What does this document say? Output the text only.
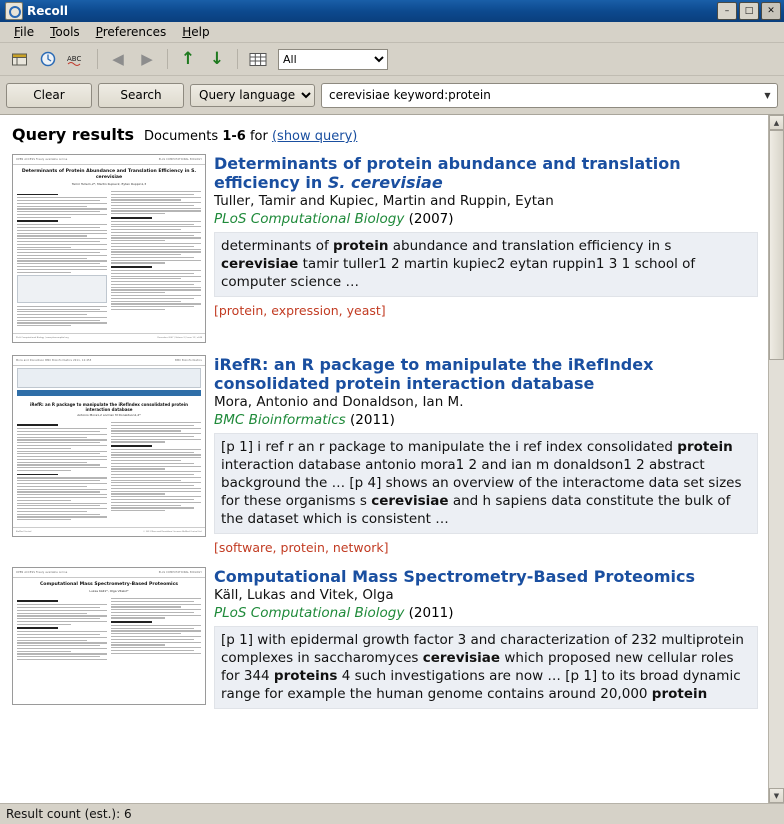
Recoll	–	□	✕
File	Tools	Preferences	Help
ABC	◀	▶	↑ ↓
All
Clear	Search
Query language
cerevisiae keyword:protein	▼
Query results Documents 1-6 for (show query)
OPEN ACCESS Freely available online	PLoS COMPUTATIONAL BIOLOGY
Determinants of Protein Abundance and Translation Efficiency in S. cerevisiae
Tamir Tuller1,2*, Martin Kupiec2, Eytan Ruppin1,3
PLoS Computational Biology | www.ploscompbiol.org	December 2007 | Volume 3 | Issue 12 | e248
Determinants of protein abundance and translation efficiency in S. cerevisiae
Tuller, Tamir and Kupiec, Martin and Ruppin, Eytan
PLoS Computational Biology (2007)
determinants of protein abundance and translation efficiency in s cerevisiae tamir tuller1 2 martin kupiec2 eytan ruppin1 3 1 school of computer science …
[protein, expression, yeast]
Mora and Donaldson BMC Bioinformatics 2011, 12:455	BMC Bioinformatics
iRefR: an R package to manipulate the iRefIndex consolidated protein interaction database
Antonio Mora1,2 and Ian M Donaldson1,2*
BioMed Central	© 2011 Mora and Donaldson; licensee BioMed Central Ltd.
iRefR: an R package to manipulate the iRefIndex consolidated protein interaction database
Mora, Antonio and Donaldson, Ian M.
BMC Bioinformatics (2011)
[p 1] i ref r an r package to manipulate the i ref index consolidated protein interaction database antonio mora1 2 and ian m donaldson1 2 abstract background the … [p 4] shows an overview of the interactome data set sizes for these organisms s cerevisiae and h sapiens data constitute the bulk of the dataset which is consistent …
[software, protein, network]
OPEN ACCESS Freely available online	PLoS COMPUTATIONAL BIOLOGY
Computational Mass Spectrometry-Based Proteomics
Lukas Käll1*, Olga Vitek2*
Computational Mass Spectrometry-Based Proteomics
Käll, Lukas and Vitek, Olga
PLoS Computational Biology (2011)
[p 1] with epidermal growth factor 3 and characterization of 232 multiprotein complexes in saccharomyces cerevisiae which proposed new cellular roles for 344 proteins 4 such investigations are now … [p 1] to its broad dynamic range for example the human genome contains around 20,000 protein
▲
▼
Result count (est.): 6
